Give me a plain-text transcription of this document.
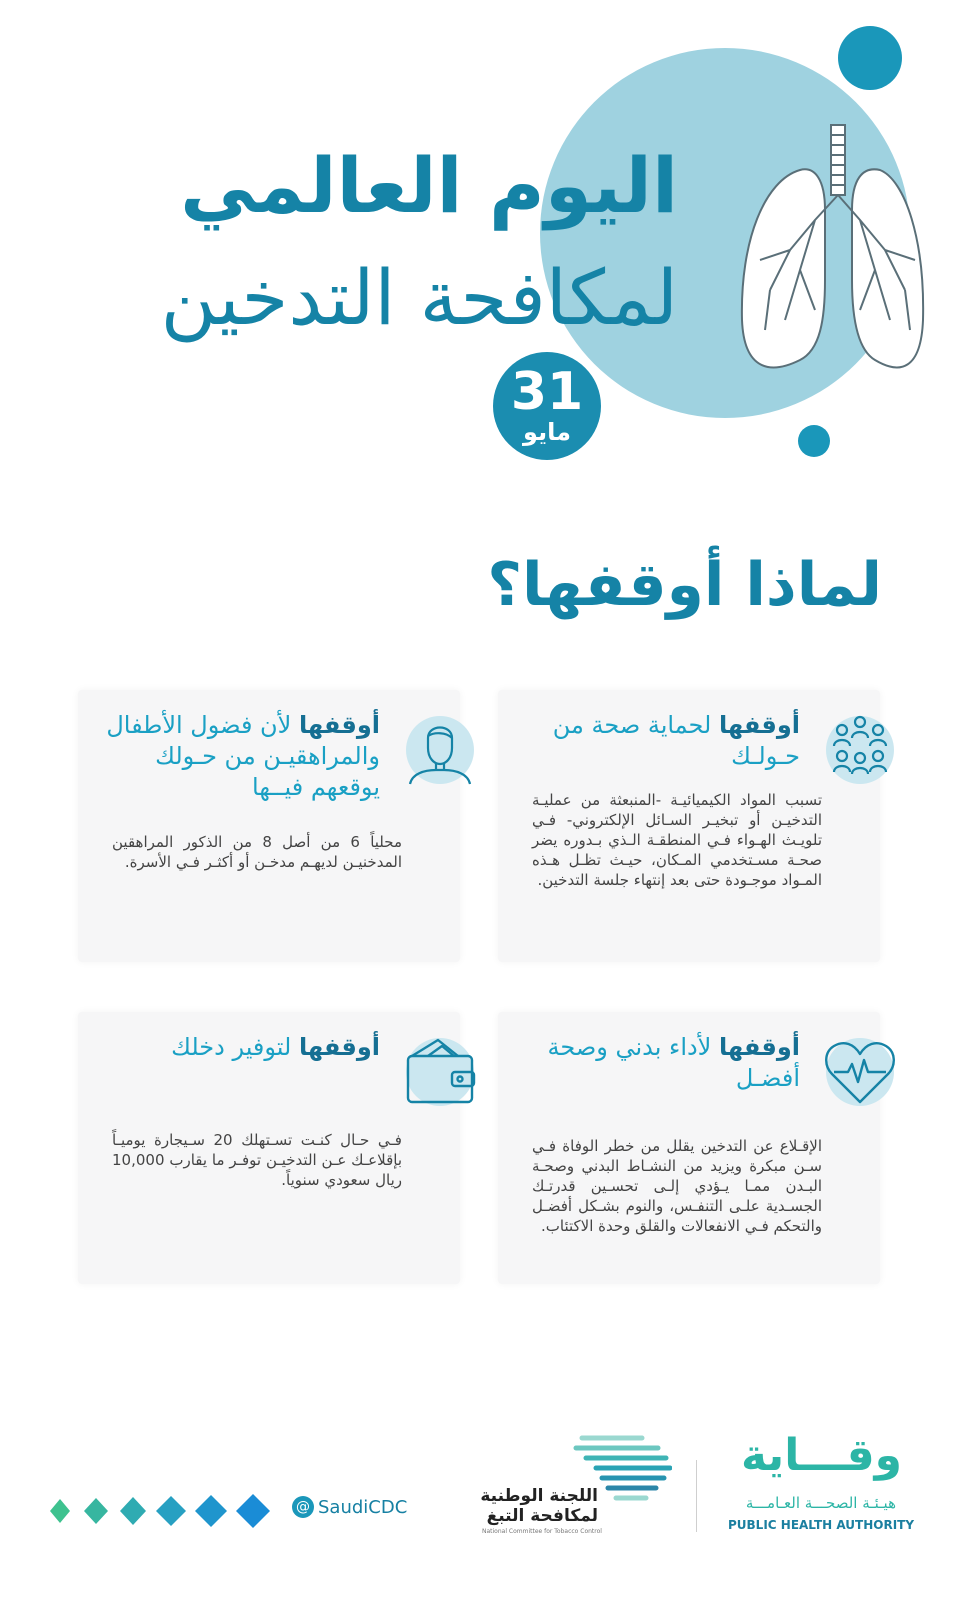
اليوم العالمي
لمكافحة التدخين
31
مايو
لماذا أوقفها؟

أوقفها لحماية صحة من حـولـك

تسبب المواد الكيميائيـة -المنبعثة من عمليـة التدخيـن أو تبخيـر السـائل الإلكتروني- فـي تلويـث الهـواء فـي المنطقـة الـذي بـدوره يضر صحـة مسـتخدمي المـكان، حيـث تظـل هـذه المـواد موجـودة حتى بعد إنتهاء جلسة التدخين.

أوقفها لأن فضول الأطفال والمراهقيـن من حـولك يوقعهم فيــها

محلياً 6 من أصل 8 من الذكور المراهقين المدخنيـن لديهـم مدخـن أو أكثـر فـي الأسرة.

أوقفها لأداء بدني وصحة أفضـل

الإقـلاع عن التدخين يقلل من خطر الوفاة فـي سـن مبكرة ويزيد من النشـاط البدني وصحـة البـدن ممـا يـؤدي إلـى تحسـين قدرتـك الجسـدية علـى التنفـس، والنوم بشـكل أفضـل والتحكم فـي الانفعالات والقلق وحدة الاكتئاب.

أوقفها لتوفير دخلك

فـي حـال كنـت تسـتهلك 20 سـيجارة يوميـاً بإقلاعـك عـن التدخيـن توفـر ما يقارب 10,000 ريال سعودي سنوياً.

@ SaudiCDC

اللجنة الوطنية لمكافحة التبغ

National Committee for Tobacco Control

وقـــاية

هيـئـة الصحـــة العـامـــة
PUBLIC HEALTH AUTHORITY
